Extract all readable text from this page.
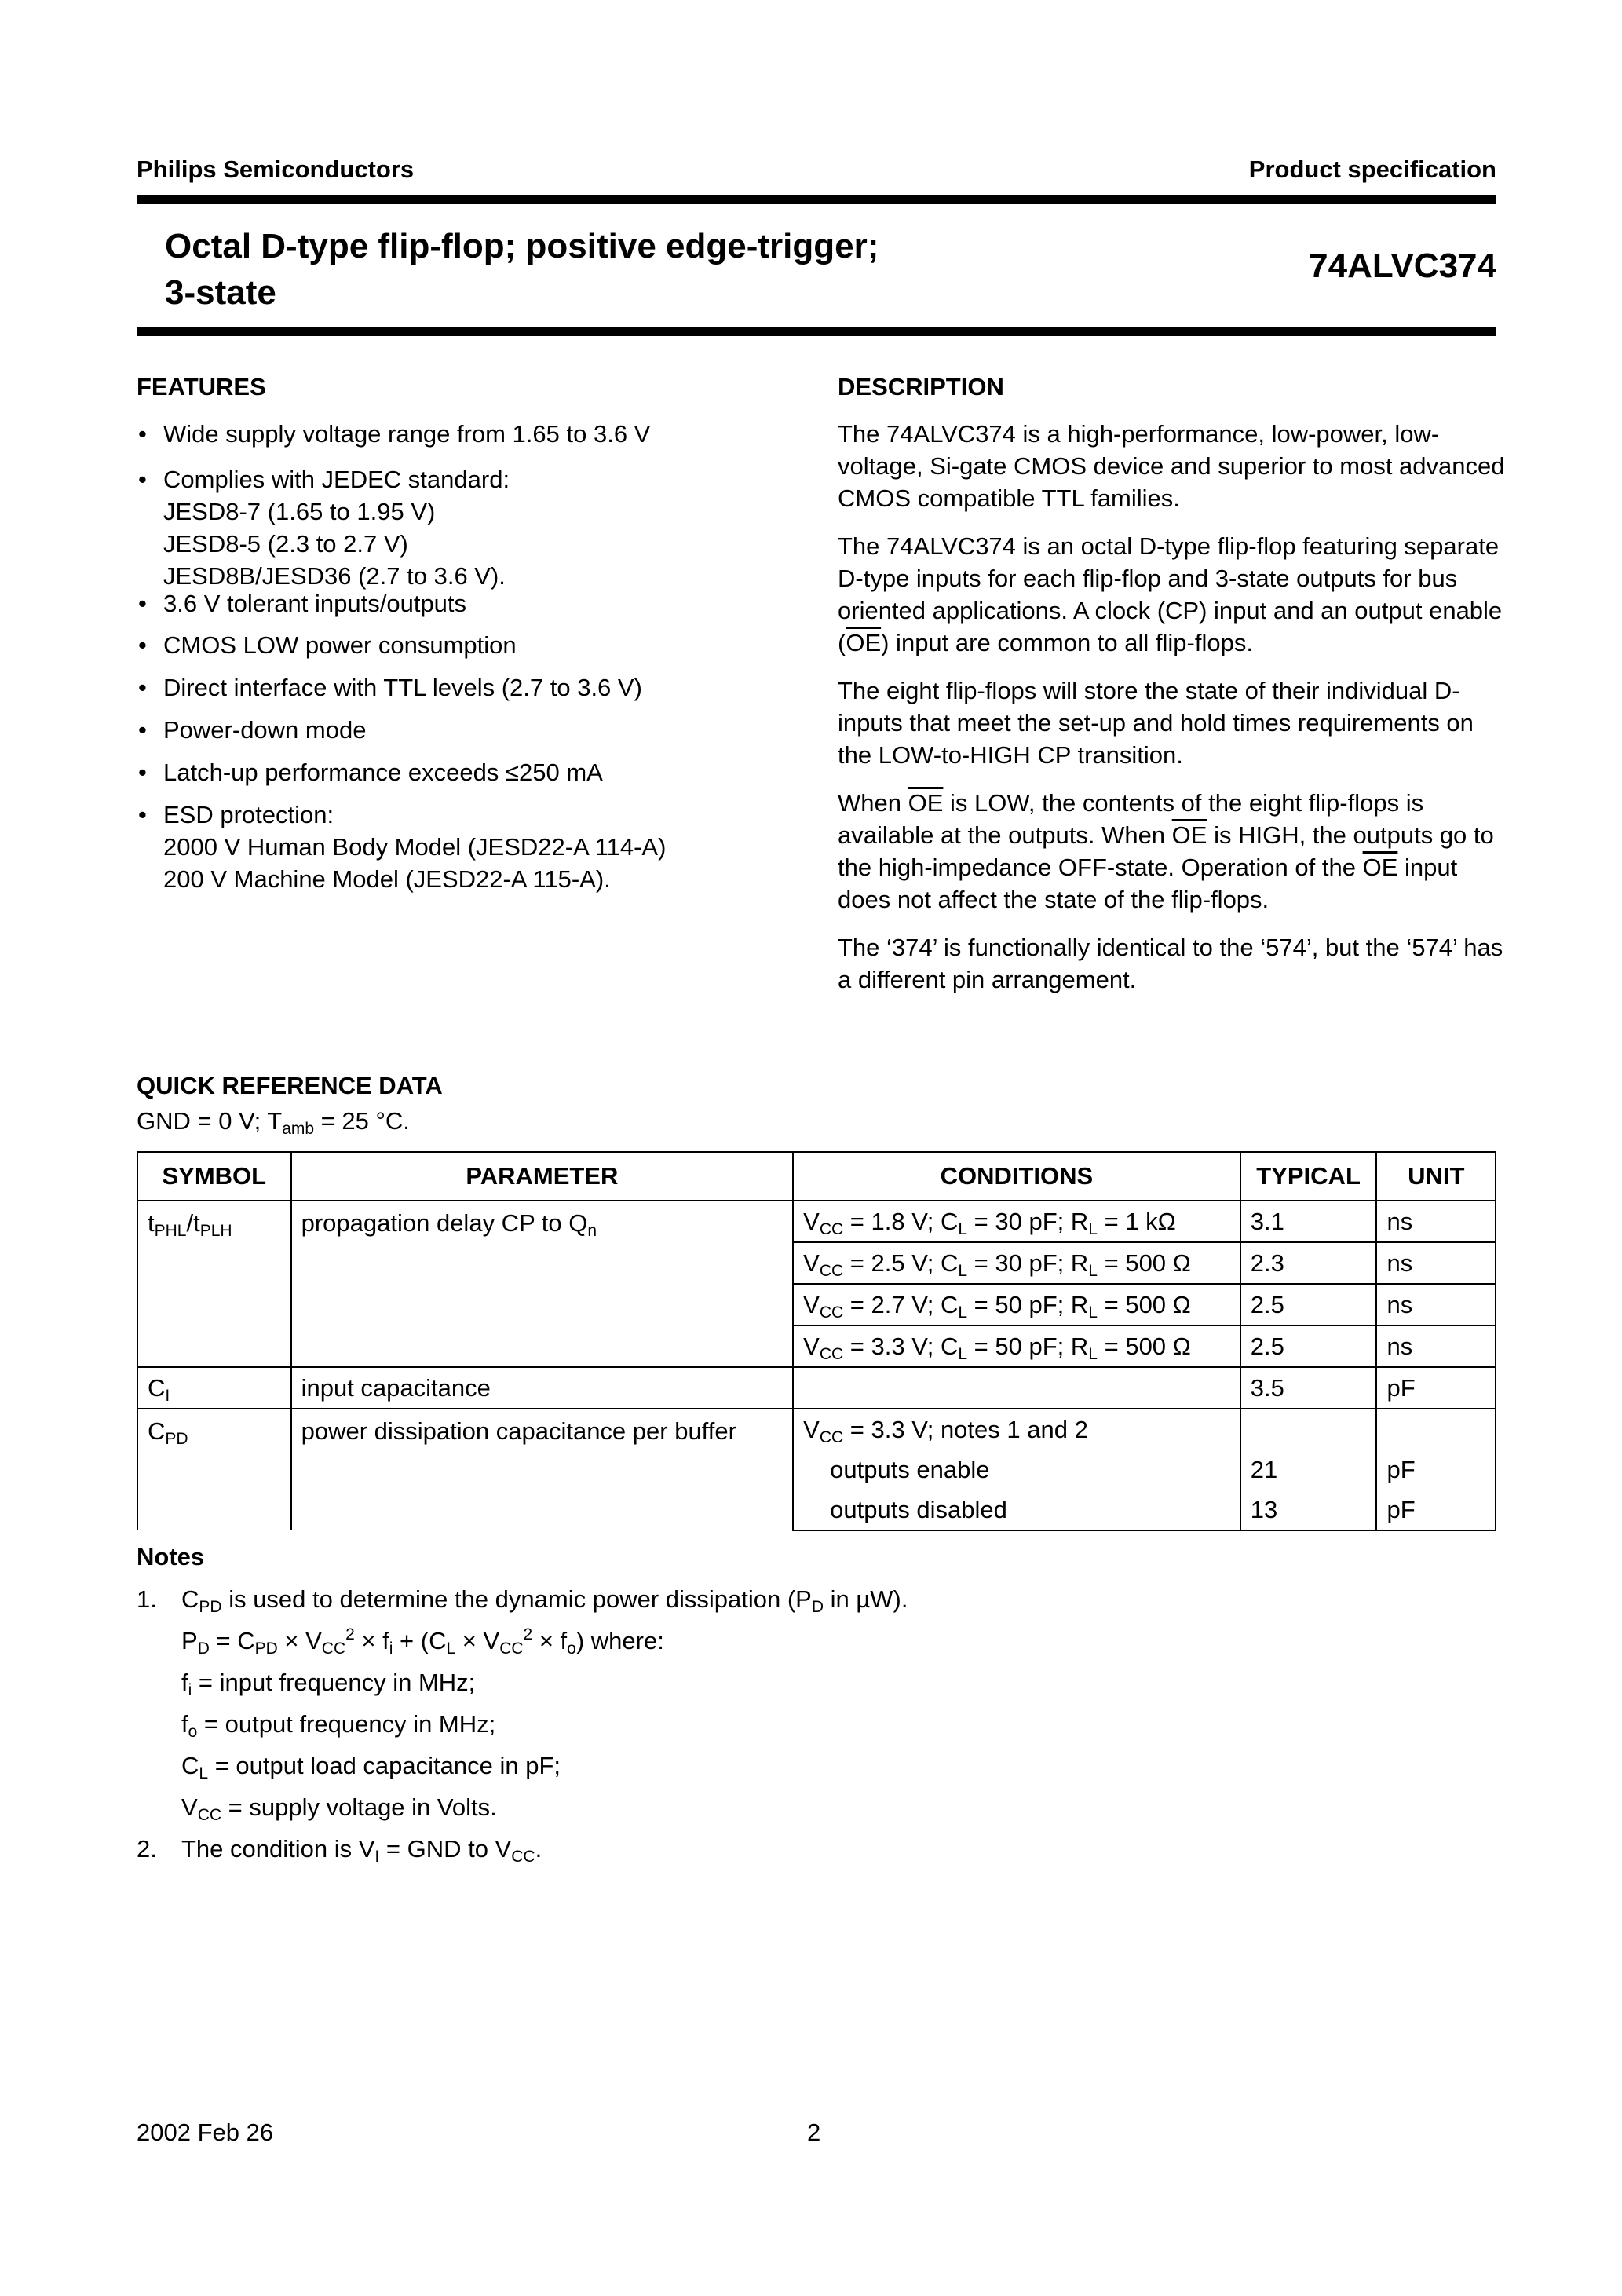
Philips Semiconductors	Product specification
Octal D-type flip-flop; positive edge-trigger;
3-state
74ALVC374
FEATURES
• Wide supply voltage range from 1.65 to 3.6 V
• Complies with JEDEC standard:
JESD8-7 (1.65 to 1.95 V)
JESD8-5 (2.3 to 2.7 V)
JESD8B/JESD36 (2.7 to 3.6 V).
• 3.6 V tolerant inputs/outputs
• CMOS LOW power consumption
• Direct interface with TTL levels (2.7 to 3.6 V)
• Power-down mode
• Latch-up performance exceeds ≤250 mA
• ESD protection:
2000 V Human Body Model (JESD22-A 114-A)
200 V Machine Model (JESD22-A 115-A).
DESCRIPTION

The 74ALVC374 is a high-performance, low-power, low-voltage, Si-gate CMOS device and superior to most advanced CMOS compatible TTL families.

The 74ALVC374 is an octal D-type flip-flop featuring separate D-type inputs for each flip-flop and 3-state outputs for bus oriented applications. A clock (CP) input and an output enable $(\overline{OE})$ input are common to all flip-flops.

The eight flip-flops will store the state of their individual D-inputs that meet the set-up and hold times requirements on the LOW-to-HIGH CP transition.

When $\overline{OE}$ is LOW, the contents of the eight flip-flops is available at the outputs. When $\overline{OE}$ is HIGH, the outputs go to the high-impedance OFF-state. Operation of the $\overline{OE}$ input does not affect the state of the flip-flops.

The ‘374’ is functionally identical to the ‘574’, but the ‘574’ has a different pin arrangement.

QUICK REFERENCE DATA
GND = 0 V; $T_{amb} = 25$ °C.
SYMBOL	PARAMETER	CONDITIONS	TYPICAL	UNIT
$t_{PHL}/t_{PLH}$	propagation delay CP to $Q_n$	$V_{CC} = 1.8$ V; $C_L = 30$ pF; $R_L = 1$ kΩ	3.1	ns
		$V_{CC} = 2.5$ V; $C_L = 30$ pF; $R_L = 500$ Ω	2.3	ns
		$V_{CC} = 2.7$ V; $C_L = 50$ pF; $R_L = 500$ Ω	2.5	ns
		$V_{CC} = 3.3$ V; $C_L = 50$ pF; $R_L = 500$ Ω	2.5	ns
$C_I$	input capacitance		3.5	pF
$C_{PD}$	power dissipation capacitance per buffer	$V_{CC} = 3.3$ V; notes 1 and 2		
		outputs enable	21	pF
		outputs disabled	13	pF
Notes
1. $C_{PD}$ is used to determine the dynamic power dissipation ($P_D$ in µW).
$P_D = C_{PD} \times V_{CC}^2 \times f_i + (C_L \times V_{CC}^2 \times f_o)$ where:
$f_i$ = input frequency in MHz;
$f_o$ = output frequency in MHz;
$C_L$ = output load capacitance in pF;
$V_{CC}$ = supply voltage in Volts.
2. The condition is $V_I$ = GND to $V_{CC}$.
2002 Feb 26	2
